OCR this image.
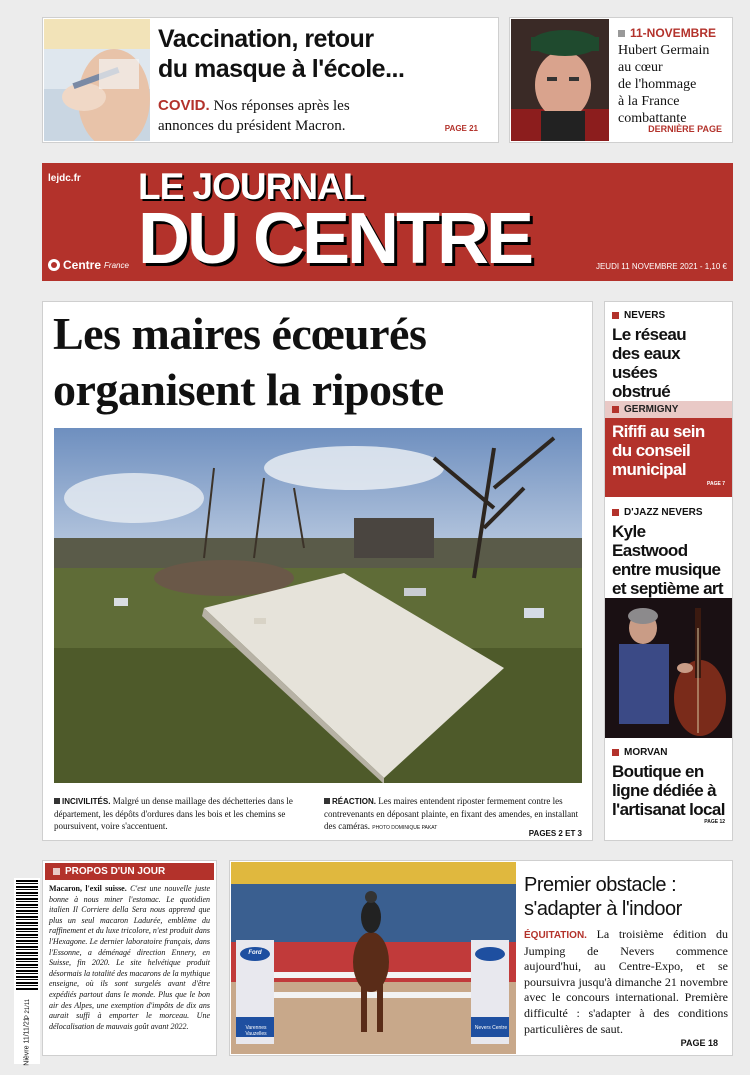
Vaccination, retour
du masque à l'école...
COVID. Nos réponses après les
annonces du président Macron.	PAGE 21
11-NOVEMBRE
Hubert Germain
au cœur
de l'hommage
à la France
combattante
DERNIÈRE PAGE
lejdc.fr LE JOURNAL
DU CENTRE
Centre France	JEUDI 11 NOVEMBRE 2021 - 1,10 €
Les maires écœurés
organisent la riposte
INCIVILITÉS. Malgré un dense maillage des déchetteries dans le département, les dépôts d'ordures dans les bois et les chemins se poursuivent, voire s'accentuent.
RÉACTION. Les maires entendent riposter fermement contre les contrevenants en déposant plainte, en fixant des amendes, en installant des caméras. PHOTO DOMINIQUE PAKAT
PAGES 2 ET 3
NEVERS
Le réseau
des eaux usées
obstrué
GERMIGNY
Rififi au sein
du conseil
municipal
PAGE 7
D'JAZZ NEVERS
Kyle Eastwood
entre musique
et septième art
MORVAN
Boutique en
ligne dédiée à
l'artisanat local
PAGE 12
P 21/11
Nièvre 11/11/21
PROPOS D'UN JOUR
Macaron, l'exil suisse. C'est une nouvelle juste bonne à nous miner l'estomac. Le quotidien italien Il Corriere della Sera nous apprend que plus un seul macaron Ladurée, emblème du raffinement et du luxe tricolore, n'est produit dans l'Hexagone. Le dernier laboratoire français, dans l'Essonne, a déménagé direction Ennery, en Suisse, fin 2020. Le site helvétique produit désormais la totalité des macarons de la mythique enseigne, où ils sont surgelés avant d'être expédiés partout dans le monde. Plus que le bon air des Alpes, une exemption d'impôts de dix ans aurait suffi à emporter le morceau. Une délocalisation de mauvais goût avant 2022.	Varennes Vauzelles
Nevers Centre
Ford
Premier obstacle :
s'adapter à l'indoor
ÉQUITATION. La troisième édition du Jumping de Nevers commence aujourd'hui, au Centre-Expo, et se poursuivra jusqu'à dimanche 21 novembre avec le concours international. Première difficulté : s'adapter à des conditions particulières de saut.
PAGE 18
